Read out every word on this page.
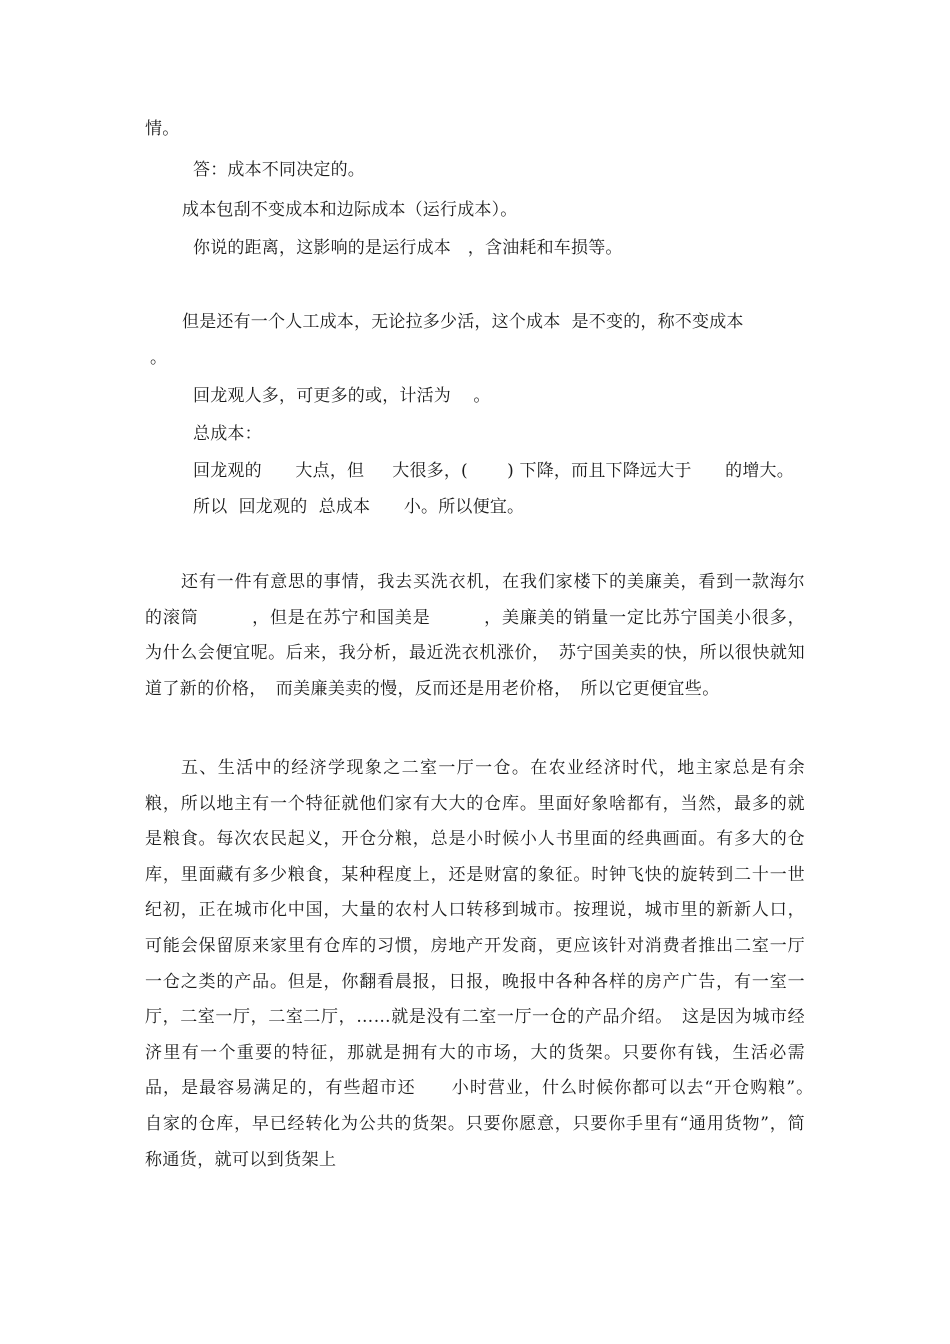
情。
答：成本不同决定的。
成本包刮不变成本和边际成本（运行成本）。
你说的距离，这影响的是运行成本   ，含油耗和车损等。
但是还有一个人工成本，无论拉多少活，这个成本  是不变的，称不变成本
。
回龙观人多，可更多的或，计活为    。
总成本：
回龙观的      大点，但     大很多，(       ) 下降，而且下降远大于      的增大。
所以  回龙观的  总成本      小。所以便宜。
还有一件有意思的事情，我去买洗衣机，在我们家楼下的美廉美，看到一款海尔的滚筒　　　，但是在苏宁和国美是　　　，美廉美的销量一定比苏宁国美小很多，为什么会便宜呢。后来，我分析，最近洗衣机涨价，　苏宁国美卖的快，所以很快就知道了新的价格，　而美廉美卖的慢，反而还是用老价格，　所以它更便宜些。
五、生活中的经济学现象之二室一厅一仓。在农业经济时代，地主家总是有余粮，所以地主有一个特征就他们家有大大的仓库。里面好象啥都有，当然，最多的就是粮食。每次农民起义，开仓分粮，总是小时候小人书里面的经典画面。有多大的仓库，里面藏有多少粮食，某种程度上，还是财富的象征。时钟飞快的旋转到二十一世纪初，正在城市化中国，大量的农村人口转移到城市。按理说，城市里的新新人口，可能会保留原来家里有仓库的习惯，房地产开发商，更应该针对消费者推出二室一厅一仓之类的产品。但是，你翻看晨报，日报，晚报中各种各样的房产广告，有一室一厅，二室一厅，二室二厅，……就是没有二室一厅一仓的产品介绍。　这是因为城市经济里有一个重要的特征，那就是拥有大的市场，大的货架。只要你有钱，生活必需品，是最容易满足的，有些超市还　　小时营业，什么时候你都可以去“开仓购粮”。　自家的仓库，早已经转化为公共的货架。只要你愿意，只要你手里有“通用货物”，简称通货，就可以到货架上
